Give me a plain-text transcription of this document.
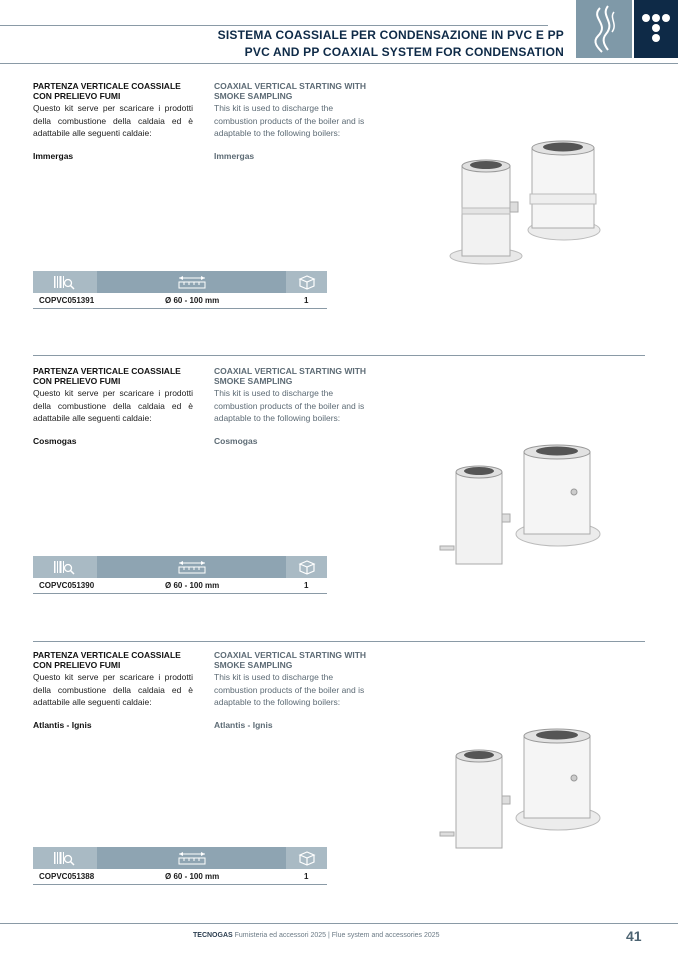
SISTEMA COASSIALE PER CONDENSAZIONE IN PVC E PP
PVC AND PP COAXIAL SYSTEM FOR CONDENSATION
PARTENZA VERTICALE COASSIALE CON PRELIEVO FUMI
Questo kit serve per scaricare i prodotti della combustione della caldaia ed è adattabile alle seguenti caldaie:
Immergas
COAXIAL VERTICAL STARTING WITH SMOKE SAMPLING
This kit is used to discharge the combustion products of the boiler and is adaptable to the following boilers:
Immergas
COPVC051391	Ø 60 - 100 mm	1
PARTENZA VERTICALE COASSIALE CON PRELIEVO FUMI
Questo kit serve per scaricare i prodotti della combustione della caldaia ed è adattabile alle seguenti caldaie:
Cosmogas
COAXIAL VERTICAL STARTING WITH SMOKE SAMPLING
This kit is used to discharge the combustion products of the boiler and is adaptable to the following boilers:
Cosmogas
COPVC051390	Ø 60 - 100 mm	1
PARTENZA VERTICALE COASSIALE CON PRELIEVO FUMI
Questo kit serve per scaricare i prodotti della combustione della caldaia ed è adattabile alle seguenti caldaie:
Atlantis - Ignis
COAXIAL VERTICAL STARTING WITH SMOKE SAMPLING
This kit is used to discharge the combustion products of the boiler and is adaptable to the following boilers:
Atlantis - Ignis
COPVC051388	Ø 60 - 100 mm	1
TECNOGAS Fumisteria ed accessori 2025 | Flue system and accessories 2025	41
